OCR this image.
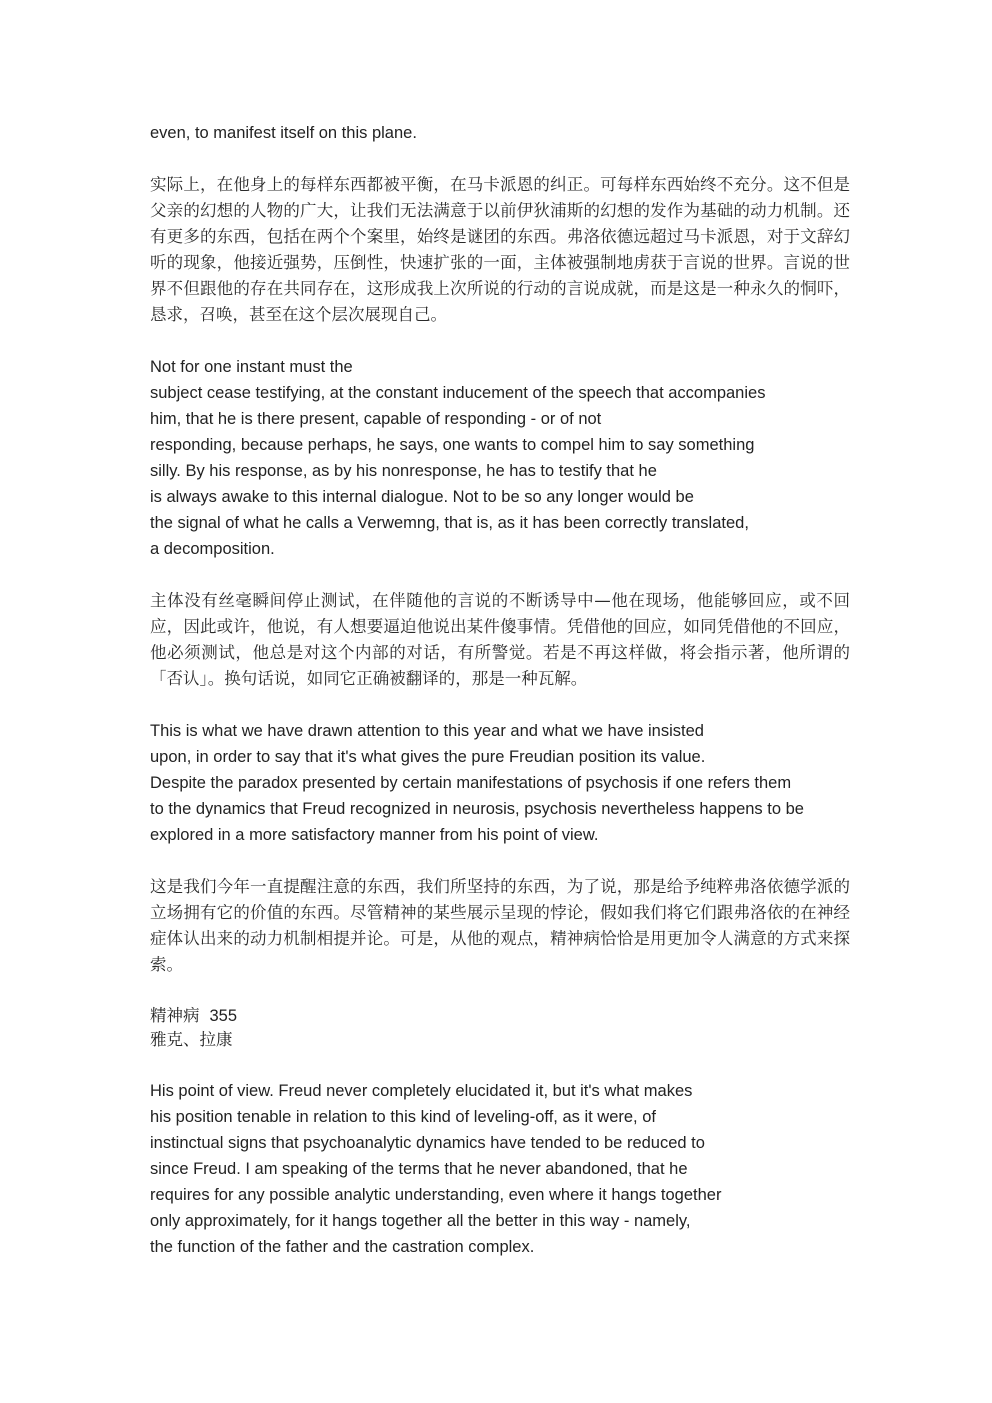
even, to manifest itself on this plane.

实际上，在他身上的每样东西都被平衡，在马卡派恩的纠正。可每样东西始终不充分。这不但是父亲的幻想的人物的广大，让我们无法满意于以前伊狄浦斯的幻想的发作为基础的动力机制。还有更多的东西，包括在两个个案里，始终是谜团的东西。弗洛依德远超过马卡派恩，对于文辞幻听的现象，他接近强势，压倒性，快速扩张的一面，主体被强制地虏获于言说的世界。言说的世界不但跟他的存在共同存在，这形成我上次所说的行动的言说成就，而是这是一种永久的恫吓，恳求，召唤，甚至在这个层次展现自己。

Not for one instant must the
subject cease testifying, at the constant inducement of the speech that accompanies
him, that he is there present, capable of responding - or of not
responding, because perhaps, he says, one wants to compel him to say something
silly. By his response, as by his nonresponse, he has to testify that he
is always awake to this internal dialogue. Not to be so any longer would be
the signal of what he calls a Verwemng, that is, as it has been correctly translated,
a decomposition.

主体没有丝毫瞬间停止测试，在伴随他的言说的不断诱导中—他在现场，他能够回应，或不回应，因此或许，他说，有人想要逼迫他说出某件傻事情。凭借他的回应，如同凭借他的不回应，他必须测试，他总是对这个内部的对话，有所警觉。若是不再这样做，将会指示著，他所谓的「否认」。换句话说，如同它正确被翻译的，那是一种瓦解。

This is what we have drawn attention to this year and what we have insisted
upon, in order to say that it's what gives the pure Freudian position its value.
Despite the paradox presented by certain manifestations of psychosis if one refers them
to the dynamics that Freud recognized in neurosis, psychosis nevertheless happens to be
explored in a more satisfactory manner from his point of view.

这是我们今年一直提醒注意的东西，我们所坚持的东西，为了说，那是给予纯粹弗洛依德学派的立场拥有它的价值的东西。尽管精神的某些展示呈现的悖论，假如我们将它们跟弗洛依的在神经症体认出来的动力机制相提并论。可是，从他的观点，精神病恰恰是用更加令人满意的方式来探索。

精神病 355
雅克、拉康

His point of view. Freud never completely elucidated it, but it's what makes
his position tenable in relation to this kind of leveling-off, as it were, of
instinctual signs that psychoanalytic dynamics have tended to be reduced to
since Freud. I am speaking of the terms that he never abandoned, that he
requires for any possible analytic understanding, even where it hangs together
only approximately, for it hangs together all the better in this way - namely,
the function of the father and the castration complex.
